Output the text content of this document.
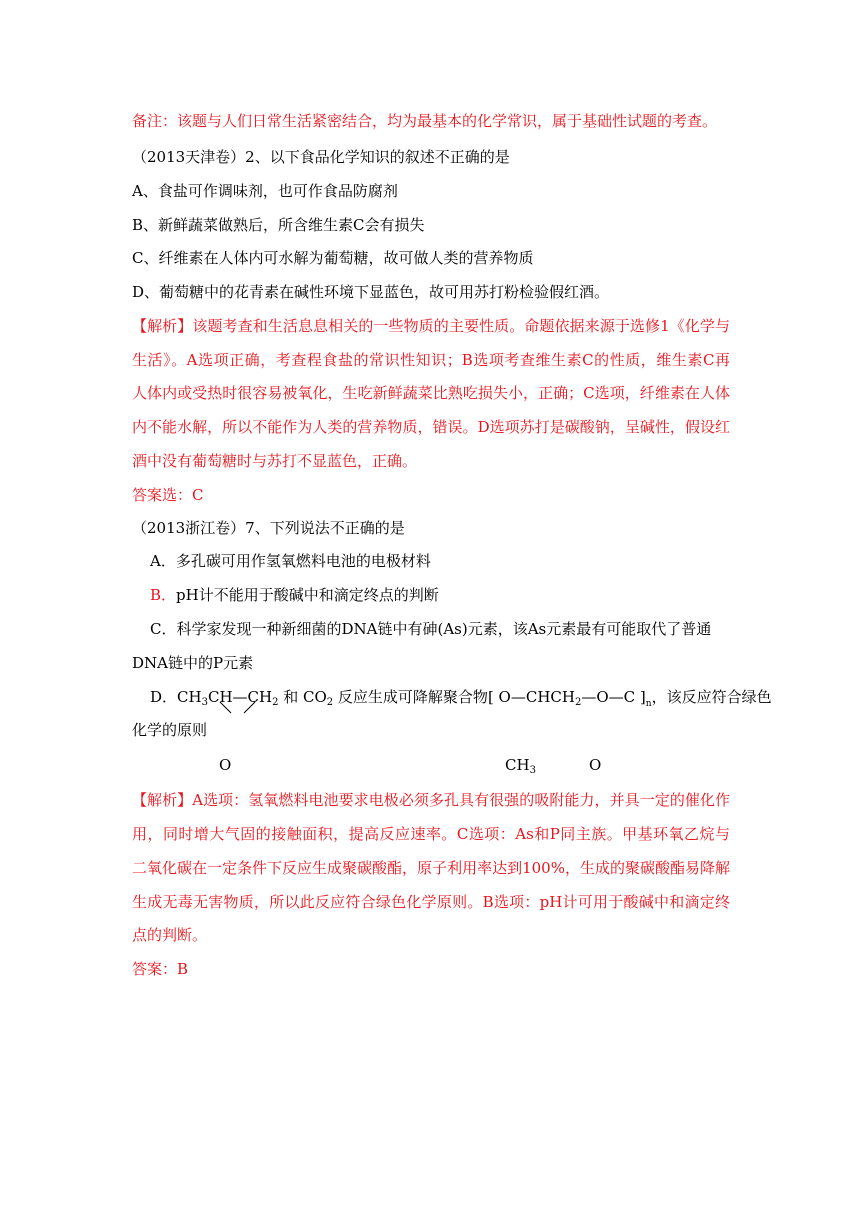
备注：该题与人们日常生活紧密结合，均为最基本的化学常识，属于基础性试题的考查。
（2013天津卷）2、以下食品化学知识的叙述不正确的是
A、食盐可作调味剂，也可作食品防腐剂
B、新鲜蔬菜做熟后，所含维生素C会有损失
C、纤维素在人体内可水解为葡萄糖，故可做人类的营养物质
D、葡萄糖中的花青素在碱性环境下显蓝色，故可用苏打粉检验假红酒。
【解析】该题考查和生活息息相关的一些物质的主要性质。命题依据来源于选修1《化学与
生活》。A选项正确，考查程食盐的常识性知识；B选项考查维生素C的性质，维生素C再
人体内或受热时很容易被氧化，生吃新鲜蔬菜比熟吃损失小，正确；C选项，纤维素在人体
内不能水解，所以不能作为人类的营养物质，错误。D选项苏打是碳酸钠，呈碱性，假设红
酒中没有葡萄糖时与苏打不显蓝色，正确。
答案选：C
（2013浙江卷）7、下列说法不正确的是
A．多孔碳可用作氢氧燃料电池的电极材料
B．pH计不能用于酸碱中和滴定终点的判断
C．科学家发现一种新细菌的DNA链中有砷(As)元素，该As元素最有可能取代了普通
DNA链中的P元素
D．$CH_3CH—CH_2$
和 $CO_2$ 反应生成可降解聚合物[ $O—CHCH_2—O—C$ ]$_n$，该反应符合绿色
化学的原则
O	$CH_3$	O
【解析】A选项：氢氧燃料电池要求电极必须多孔具有很强的吸附能力，并具一定的催化作
用，同时增大气固的接触面积，提高反应速率。C选项：As和P同主族。甲基环氧乙烷与
二氧化碳在一定条件下反应生成聚碳酸酯，原子利用率达到100%，生成的聚碳酸酯易降解
生成无毒无害物质，所以此反应符合绿色化学原则。B选项：pH计可用于酸碱中和滴定终
点的判断。
答案：B
